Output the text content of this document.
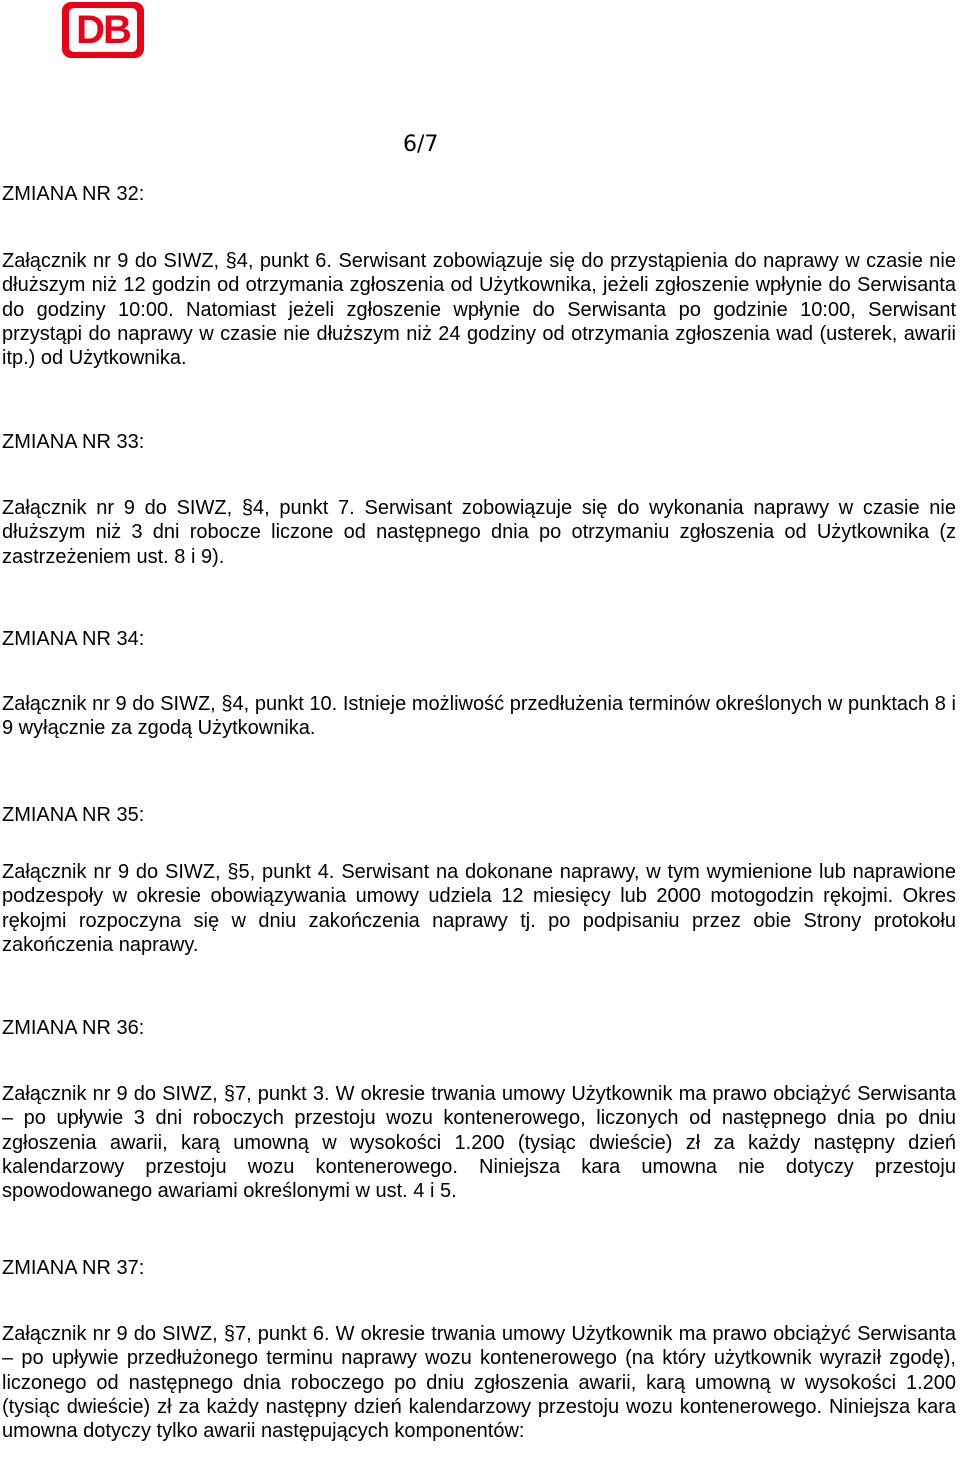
DB
6/7
ZMIANA NR 32:

Załącznik nr 9 do SIWZ, §4, punkt 6. Serwisant zobowiązuje się do przystąpienia do naprawy w czasie nie dłuższym niż 12 godzin od otrzymania zgłoszenia od Użytkownika, jeżeli zgłoszenie wpłynie do Serwisanta do godziny 10:00. Natomiast jeżeli zgłoszenie wpłynie do Serwisanta po godzinie 10:00, Serwisant przystąpi do naprawy w czasie nie dłuższym niż 24 godziny od otrzymania zgłoszenia wad (usterek, awarii itp.) od Użytkownika.

ZMIANA NR 33:

Załącznik nr 9 do SIWZ, §4, punkt 7. Serwisant zobowiązuje się do wykonania naprawy w czasie nie dłuższym niż 3 dni robocze liczone od następnego dnia po otrzymaniu zgłoszenia od Użytkownika (z zastrzeżeniem ust. 8 i 9).

ZMIANA NR 34:

Załącznik nr 9 do SIWZ, §4, punkt 10. Istnieje możliwość przedłużenia terminów określonych w punktach 8 i 9 wyłącznie za zgodą Użytkownika.

ZMIANA NR 35:

Załącznik nr 9 do SIWZ, §5, punkt 4. Serwisant na dokonane naprawy, w tym wymienione lub naprawione podzespoły w okresie obowiązywania umowy udziela 12 miesięcy lub 2000 motogodzin rękojmi. Okres rękojmi rozpoczyna się w dniu zakończenia naprawy tj. po podpisaniu przez obie Strony protokołu zakończenia naprawy.

ZMIANA NR 36:

Załącznik nr 9 do SIWZ, §7, punkt 3. W okresie trwania umowy Użytkownik ma prawo obciążyć Serwisanta – po upływie 3 dni roboczych przestoju wozu kontenerowego, liczonych od następnego dnia po dniu zgłoszenia awarii, karą umowną w wysokości 1.200 (tysiąc dwieście) zł za każdy następny dzień kalendarzowy przestoju wozu kontenerowego. Niniejsza kara umowna nie dotyczy przestoju spowodowanego awariami określonymi w ust. 4 i 5.

ZMIANA NR 37:

Załącznik nr 9 do SIWZ, §7, punkt 6. W okresie trwania umowy Użytkownik ma prawo obciążyć Serwisanta – po upływie przedłużonego terminu naprawy wozu kontenerowego (na który użytkownik wyraził zgodę), liczonego od następnego dnia roboczego po dniu zgłoszenia awarii, karą umowną w wysokości 1.200 (tysiąc dwieście) zł za każdy następny dzień kalendarzowy przestoju wozu kontenerowego. Niniejsza kara umowna dotyczy tylko awarii następujących komponentów:
